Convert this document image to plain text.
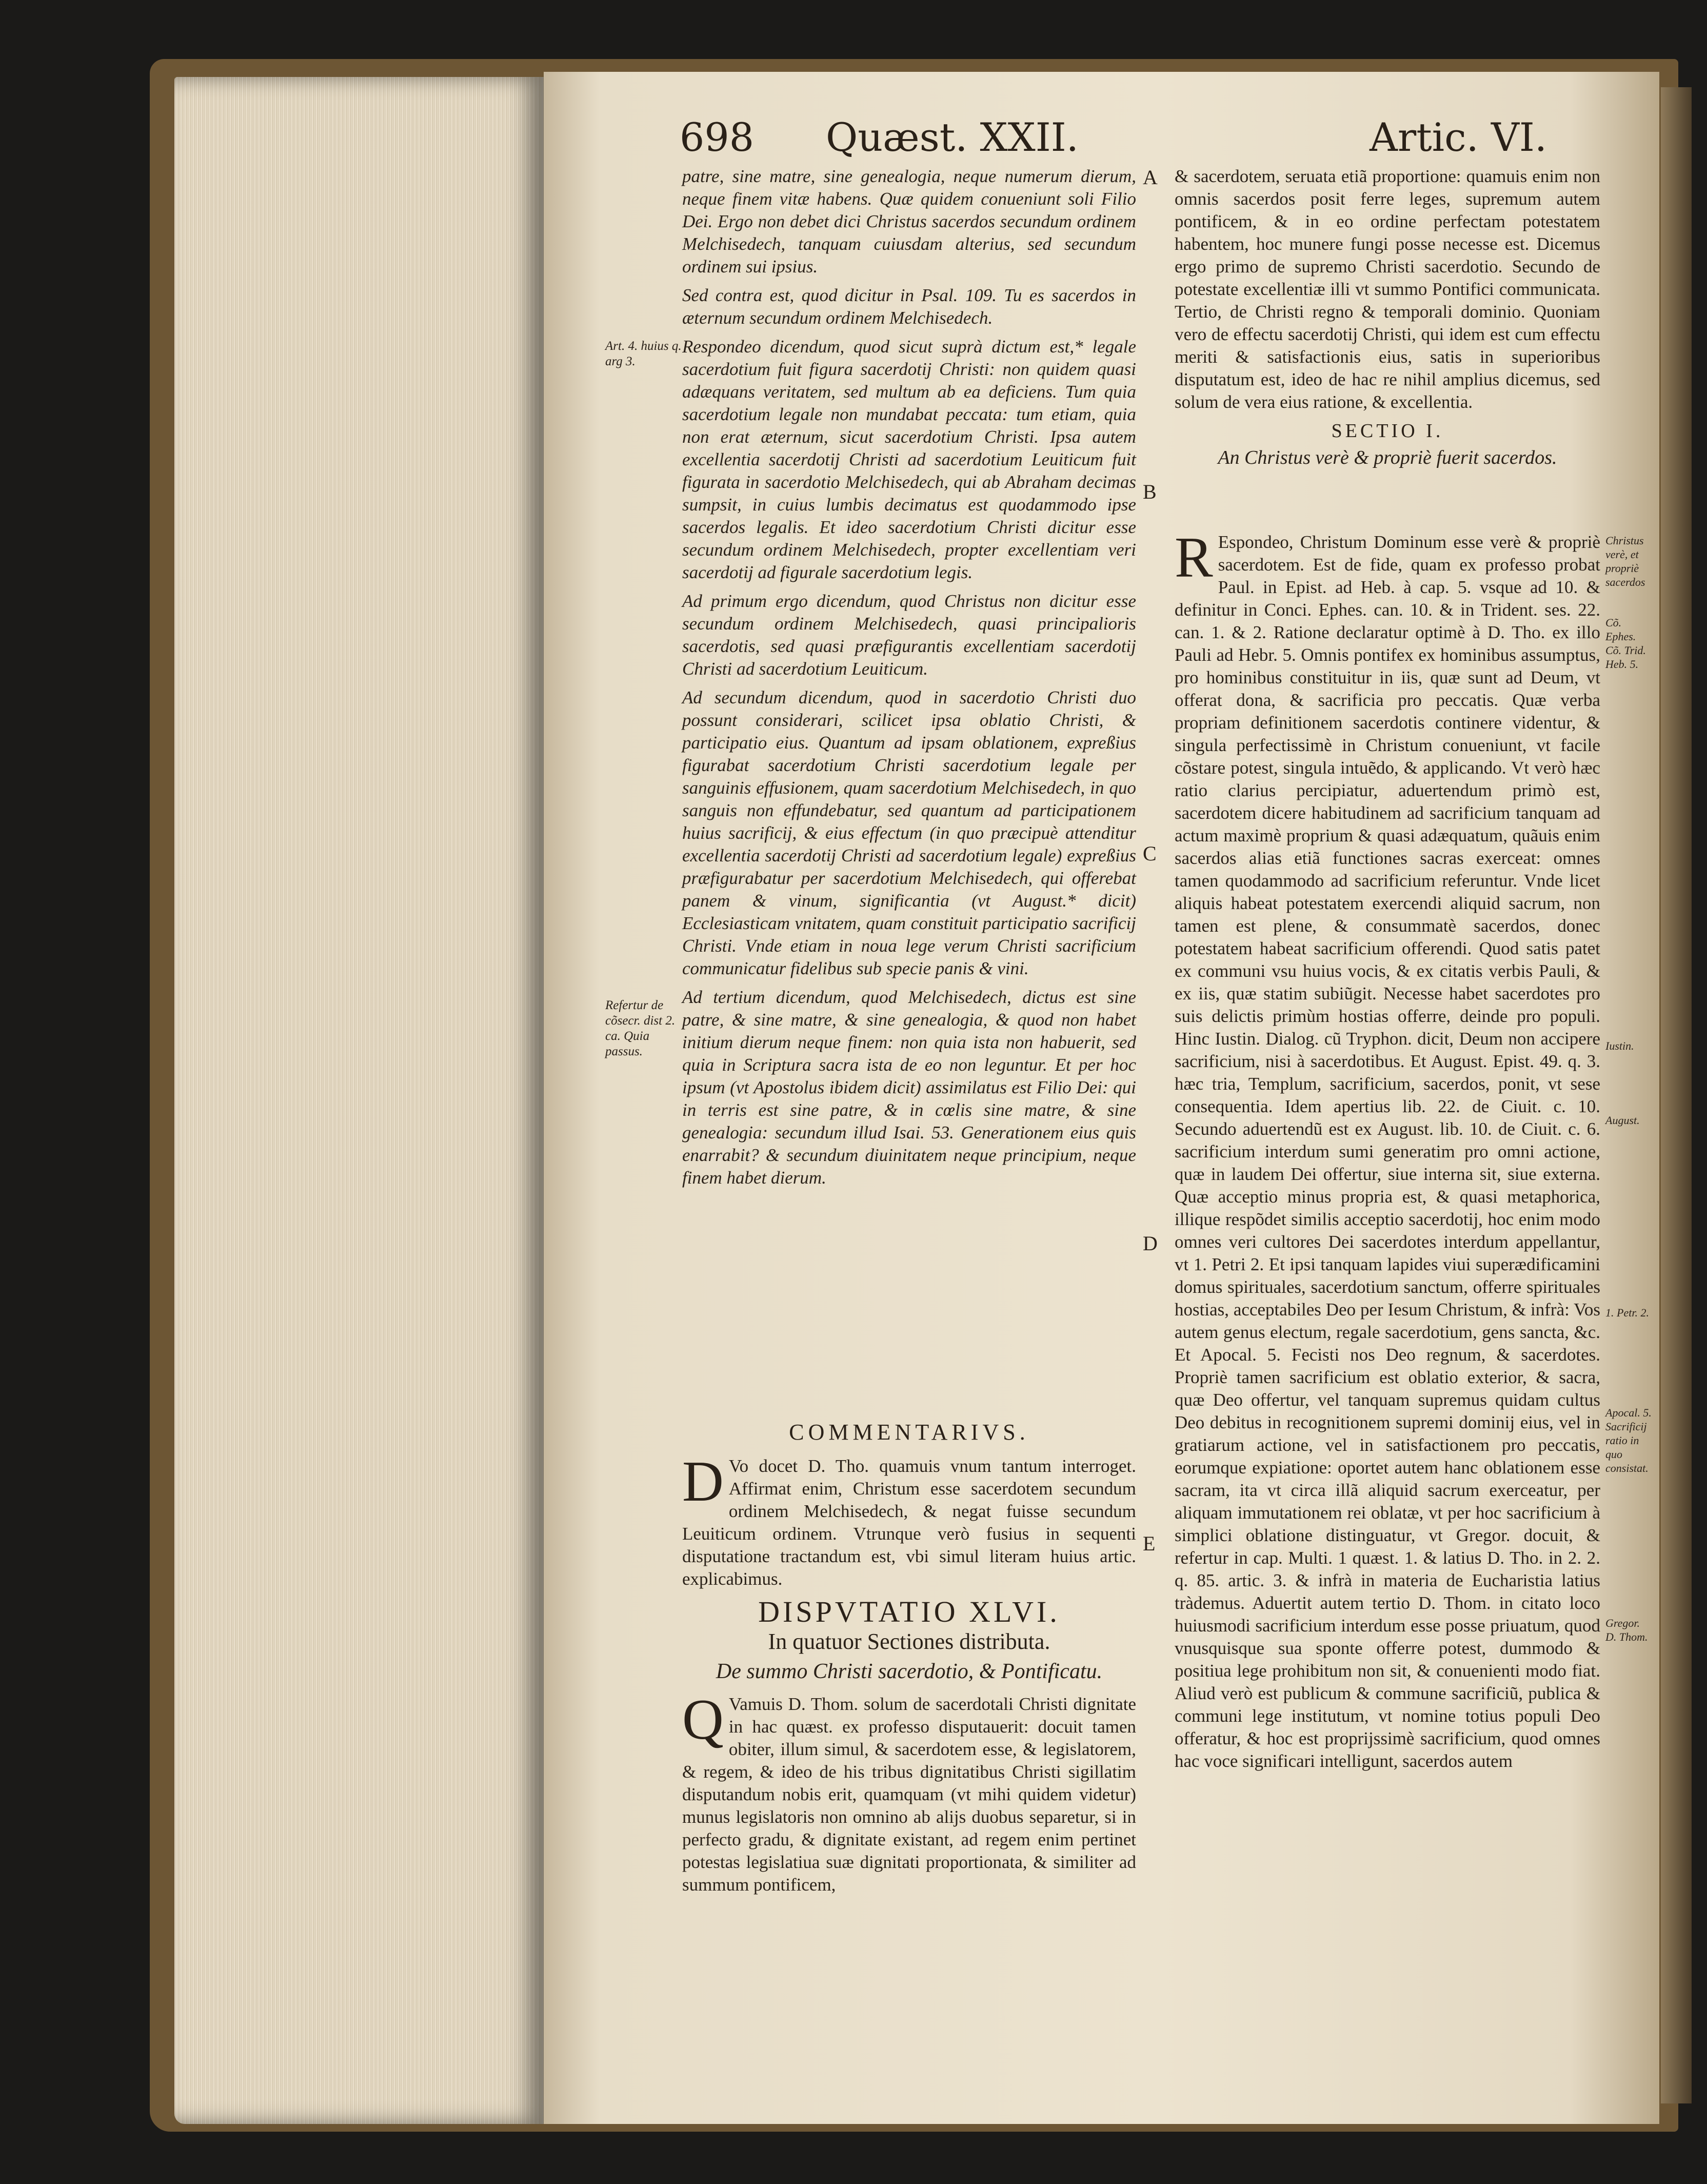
698 Quæst. XXII.	Artic. VI.

patre, sine matre, sine genealogia, neque numerum dierum, neque finem vitæ habens. Quæ quidem conueniunt soli Filio Dei. Ergo non debet dici Christus sacerdos secundum ordinem Melchisedech, tanquam cuiusdam alterius, sed secundum ordinem sui ipsius.

Sed contra est, quod dicitur in Psal. 109. Tu es sacerdos in æternum secundum ordinem Melchisedech.

Respondeo dicendum, quod sicut suprà dictum est,* legale sacerdotium fuit figura sacerdotij Christi: non quidem quasi adæquans veritatem, sed multum ab ea deficiens. Tum quia sacerdotium legale non mundabat peccata: tum etiam, quia non erat æternum, sicut sacerdotium Christi. Ipsa autem excellentia sacerdotij Christi ad sacerdotium Leuiticum fuit figurata in sacerdotio Melchisedech, qui ab Abraham decimas sumpsit, in cuius lumbis decimatus est quodammodo ipse sacerdos legalis. Et ideo sacerdotium Christi dicitur esse secundum ordinem Melchisedech, propter excellentiam veri sacerdotij ad figurale sacerdotium legis.

Ad primum ergo dicendum, quod Christus non dicitur esse secundum ordinem Melchisedech, quasi principalioris sacerdotis, sed quasi præfigurantis excellentiam sacerdotij Christi ad sacerdotium Leuiticum.

Ad secundum dicendum, quod in sacerdotio Christi duo possunt considerari, scilicet ipsa oblatio Christi, & participatio eius. Quantum ad ipsam oblationem, expreßius figurabat sacerdotium Christi sacerdotium legale per sanguinis effusionem, quam sacerdotium Melchisedech, in quo sanguis non effundebatur, sed quantum ad participationem huius sacrificij, & eius effectum (in quo præcipuè attenditur excellentia sacerdotij Christi ad sacerdotium legale) expreßius præfigurabatur per sacerdotium Melchisedech, qui offerebat panem & vinum, significantia (vt August.* dicit) Ecclesiasticam vnitatem, quam constituit participatio sacrificij Christi. Vnde etiam in noua lege verum Christi sacrificium communicatur fidelibus sub specie panis & vini.

Ad tertium dicendum, quod Melchisedech, dictus est sine patre, & sine matre, & sine genealogia, & quod non habet initium dierum neque finem: non quia ista non habuerit, sed quia in Scriptura sacra ista de eo non leguntur. Et per hoc ipsum (vt Apostolus ibidem dicit) assimilatus est Filio Dei: qui in terris est sine patre, & in cœlis sine matre, & sine genealogia: secundum illud Isai. 53. Generationem eius quis enarrabit? & secundum diuinitatem neque principium, neque finem habet dierum.

COMMENTARIVS.

D Vo docet D. Tho. quamuis vnum tantum interroget. Affirmat enim, Christum esse sacerdotem secundum ordinem Melchisedech, & negat fuisse secundum Leuiticum ordinem. Vtrunque verò fusius in sequenti disputatione tractandum est, vbi simul literam huius artic. explicabimus.

DISPVTATIO XLVI.

In quatuor Sectiones distributa.

De summo Christi sacerdotio, & Pontificatu.

Q Vamuis D. Thom. solum de sacerdotali Christi dignitate in hac quæst. ex professo disputauerit: docuit tamen obiter, illum simul, & sacerdotem esse, & legislatorem, & regem, & ideo de his tribus dignitatibus Christi sigillatim disputandum nobis erit, quamquam (vt mihi quidem videtur) munus legislatoris non omnino ab alijs duobus separetur, si in perfecto gradu, & dignitate existant, ad regem enim pertinet potestas legislatiua suæ dignitati proportionata, & similiter ad summum pontificem,

& sacerdotem, seruata etiã proportione: quamuis enim non omnis sacerdos posit ferre leges, supremum autem pontificem, & in eo ordine perfectam potestatem habentem, hoc munere fungi posse necesse est. Dicemus ergo primo de supremo Christi sacerdotio. Secundo de potestate excellentiæ illi vt summo Pontifici communicata. Tertio, de Christi regno & temporali dominio. Quoniam vero de effectu sacerdotij Christi, qui idem est cum effectu meriti & satisfactionis eius, satis in superioribus disputatum est, ideo de hac re nihil amplius dicemus, sed solum de vera eius ratione, & excellentia.

SECTIO I.

An Christus verè & propriè fuerit sacerdos.

R Espondeo, Christum Dominum esse verè & propriè sacerdotem. Est de fide, quam ex professo probat Paul. in Epist. ad Heb. à cap. 5. vsque ad 10. & definitur in Conci. Ephes. can. 10. & in Trident. ses. 22. can. 1. & 2. Ratione declaratur optimè à D. Tho. ex illo Pauli ad Hebr. 5. Omnis pontifex ex hominibus assumptus, pro hominibus constituitur in iis, quæ sunt ad Deum, vt offerat dona, & sacrificia pro peccatis. Quæ verba propriam definitionem sacerdotis continere videntur, & singula perfectissimè in Christum conueniunt, vt facile cõstare potest, singula intuẽdo, & applicando. Vt verò hæc ratio clarius percipiatur, aduertendum primò est, sacerdotem dicere habitudinem ad sacrificium tanquam ad actum maximè proprium & quasi adæquatum, quãuis enim sacerdos alias etiã functiones sacras exerceat: omnes tamen quodammodo ad sacrificium referuntur. Vnde licet aliquis habeat potestatem exercendi aliquid sacrum, non tamen est plene, & consummatè sacerdos, donec potestatem habeat sacrificium offerendi. Quod satis patet ex communi vsu huius vocis, & ex citatis verbis Pauli, & ex iis, quæ statim subiũgit. Necesse habet sacerdotes pro suis delictis primùm hostias offerre, deinde pro populi. Hinc Iustin. Dialog. cũ Tryphon. dicit, Deum non accipere sacrificium, nisi à sacerdotibus. Et August. Epist. 49. q. 3. hæc tria, Templum, sacrificium, sacerdos, ponit, vt sese consequentia. Idem apertius lib. 22. de Ciuit. c. 10. Secundo aduertendũ est ex August. lib. 10. de Ciuit. c. 6. sacrificium interdum sumi generatim pro omni actione, quæ in laudem Dei offertur, siue interna sit, siue externa. Quæ acceptio minus propria est, & quasi metaphorica, illique respõdet similis acceptio sacerdotij, hoc enim modo omnes veri cultores Dei sacerdotes interdum appellantur, vt 1. Petri 2. Et ipsi tanquam lapides viui superædificamini domus spirituales, sacerdotium sanctum, offerre spirituales hostias, acceptabiles Deo per Iesum Christum, & infrà: Vos autem genus electum, regale sacerdotium, gens sancta, &c. Et Apocal. 5. Fecisti nos Deo regnum, & sacerdotes. Propriè tamen sacrificium est oblatio exterior, & sacra, quæ Deo offertur, vel tanquam supremus quidam cultus Deo debitus in recognitionem supremi dominij eius, vel in gratiarum actione, vel in satisfactionem pro peccatis, eorumque expiatione: oportet autem hanc oblationem esse sacram, ita vt circa illã aliquid sacrum exerceatur, per aliquam immutationem rei oblatæ, vt per hoc sacrificium à simplici oblatione distinguatur, vt Gregor. docuit, & refertur in cap. Multi. 1 quæst. 1. & latius D. Tho. in 2. 2. q. 85. artic. 3. & infrà in materia de Eucharistia latius tràdemus. Aduertit autem tertio D. Thom. in citato loco huiusmodi sacrificium interdum esse posse priuatum, quod vnusquisque sua sponte offerre potest, dummodo & positiua lege prohibitum non sit, & conuenienti modo fiat. Aliud verò est publicum & commune sacrificiũ, publica & communi lege institutum, vt nomine totius populi Deo offeratur, & hoc est proprijssimè sacrificium, quod omnes hac voce significari intelligunt, sacerdos autem

Art. 4. huius q. arg 3.
Refertur de cõsecr. dist 2. ca. Quia passus.
Christus verè, et propriè sacerdos
Cõ. Ephes. Cõ. Trid. Heb. 5.
Iustin.
August.
1. Petr. 2.
Apocal. 5. Sacrificij ratio in quo consistat.
Gregor. D. Thom.
A
B
C
D
E
